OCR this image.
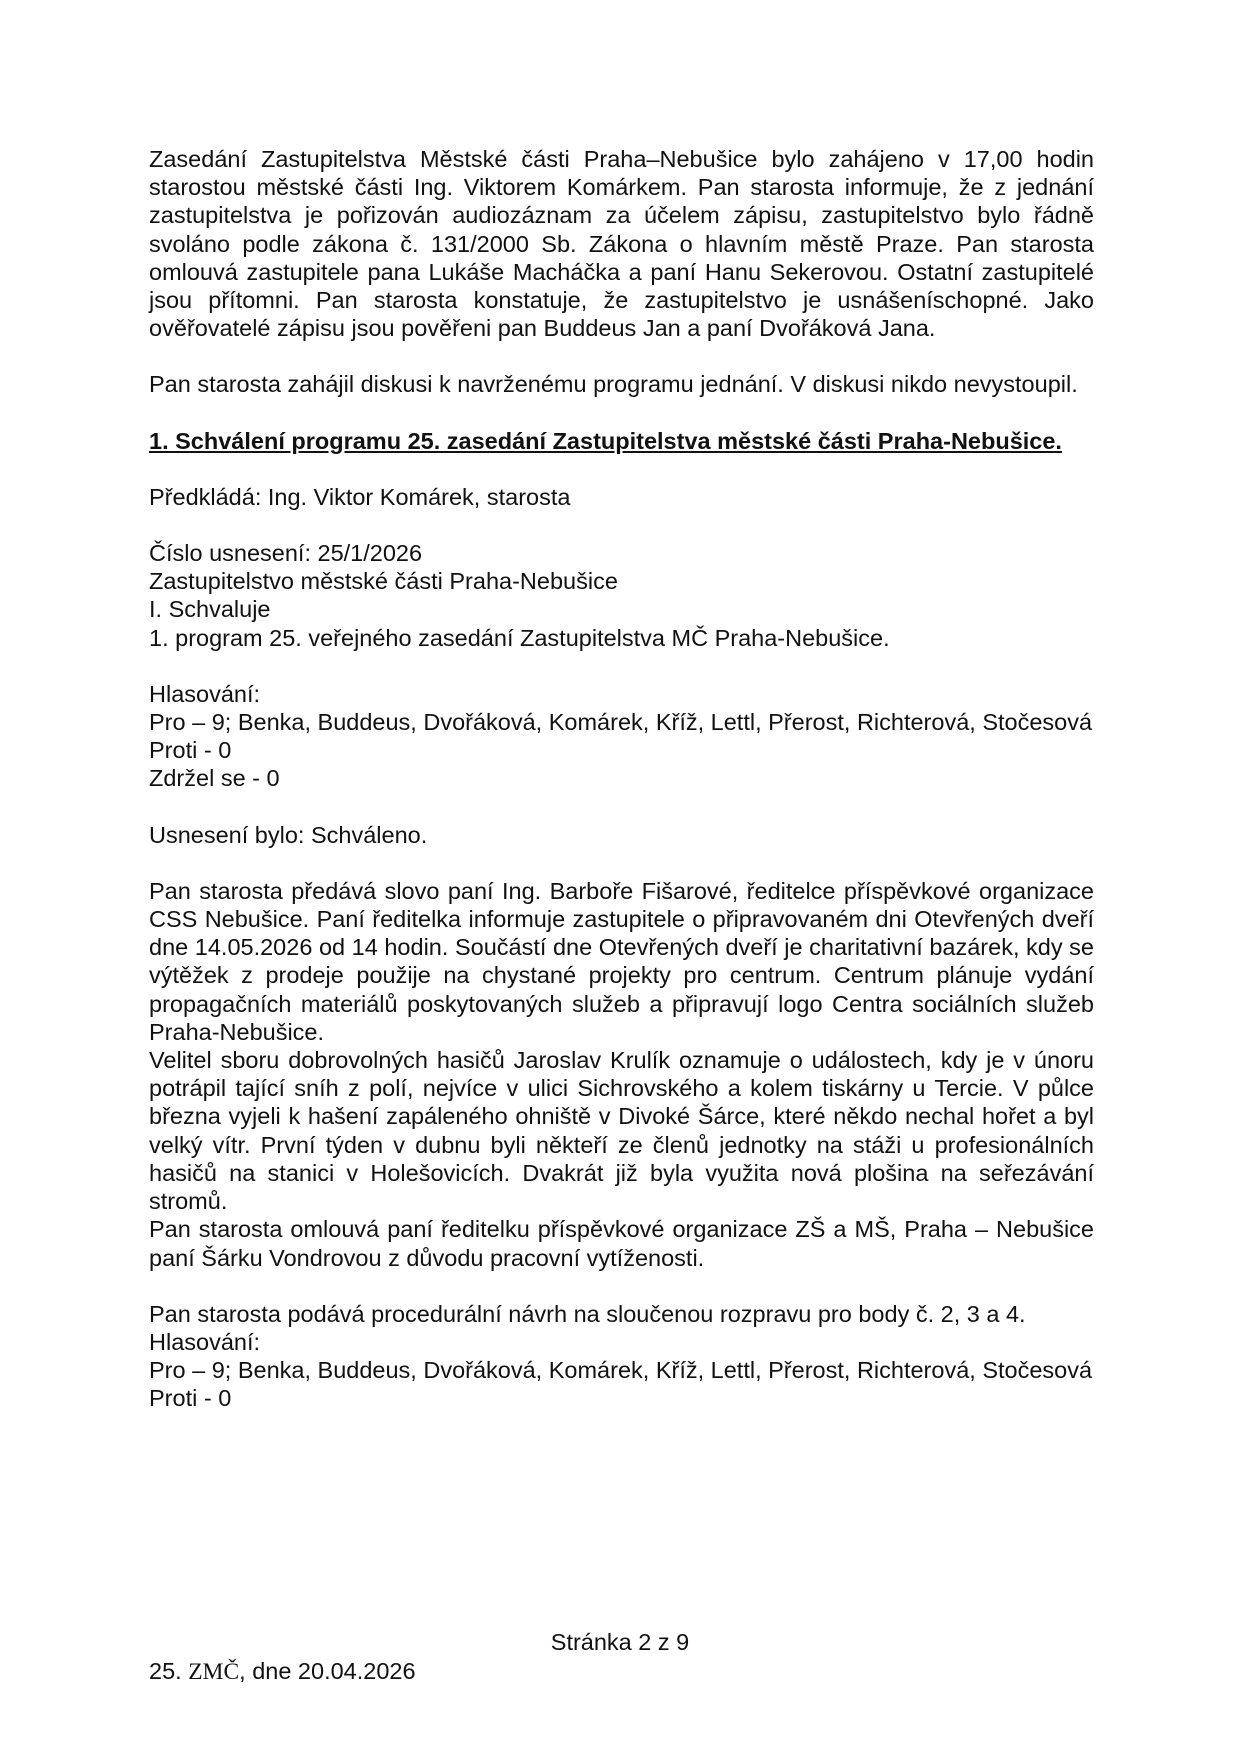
Zasedání Zastupitelstva Městské části Praha–Nebušice bylo zahájeno v 17,00 hodin starostou městské části Ing. Viktorem Komárkem. Pan starosta informuje, že z jednání zastupitelstva je pořizován audiozáznam za účelem zápisu, zastupitelstvo bylo řádně svoláno podle zákona č. 131/2000 Sb. Zákona o hlavním městě Praze. Pan starosta omlouvá zastupitele pana Lukáše Macháčka a paní Hanu Sekerovou. Ostatní zastupitelé jsou přítomni. Pan starosta konstatuje, že zastupitelstvo je usnášeníschopné. Jako ověřovatelé zápisu jsou pověřeni pan Buddeus Jan a paní Dvořáková Jana.

Pan starosta zahájil diskusi k navrženému programu jednání. V diskusi nikdo nevystoupil.

1. Schválení programu 25. zasedání Zastupitelstva městské části Praha-Nebušice.

Předkládá: Ing. Viktor Komárek, starosta

Číslo usnesení: 25/1/2026

Zastupitelstvo městské části Praha-Nebušice

I. Schvaluje

1. program 25. veřejného zasedání Zastupitelstva MČ Praha-Nebušice.

Hlasování:

Pro – 9; Benka, Buddeus, Dvořáková, Komárek, Kříž, Lettl, Přerost, Richterová, Stočesová

Proti - 0

Zdržel se - 0

Usnesení bylo: Schváleno.

Pan starosta předává slovo paní Ing. Barboře Fišarové, ředitelce příspěvkové organizace CSS Nebušice. Paní ředitelka informuje zastupitele o připravovaném dni Otevřených dveří dne 14.05.2026 od 14 hodin. Součástí dne Otevřených dveří je charitativní bazárek, kdy se výtěžek z prodeje použije na chystané projekty pro centrum. Centrum plánuje vydání propagačních materiálů poskytovaných služeb a připravují logo Centra sociálních služeb Praha-Nebušice.

Velitel sboru dobrovolných hasičů Jaroslav Krulík oznamuje o událostech, kdy je v únoru potrápil tající sníh z polí, nejvíce v ulici Sichrovského a kolem tiskárny u Tercie. V půlce března vyjeli k hašení zapáleného ohniště v Divoké Šárce, které někdo nechal hořet a byl velký vítr. První týden v dubnu byli někteří ze členů jednotky na stáži u profesionálních hasičů na stanici v Holešovicích. Dvakrát již byla využita nová plošina na seřezávání stromů.

Pan starosta omlouvá paní ředitelku příspěvkové organizace ZŠ a MŠ, Praha – Nebušice paní Šárku Vondrovou z důvodu pracovní vytíženosti.

Pan starosta podává procedurální návrh na sloučenou rozpravu pro body č. 2, 3 a 4.

Hlasování:

Pro – 9; Benka, Buddeus, Dvořáková, Komárek, Kříž, Lettl, Přerost, Richterová, Stočesová

Proti - 0

Stránka 2 z 9
25. ZMČ, dne 20.04.2026
